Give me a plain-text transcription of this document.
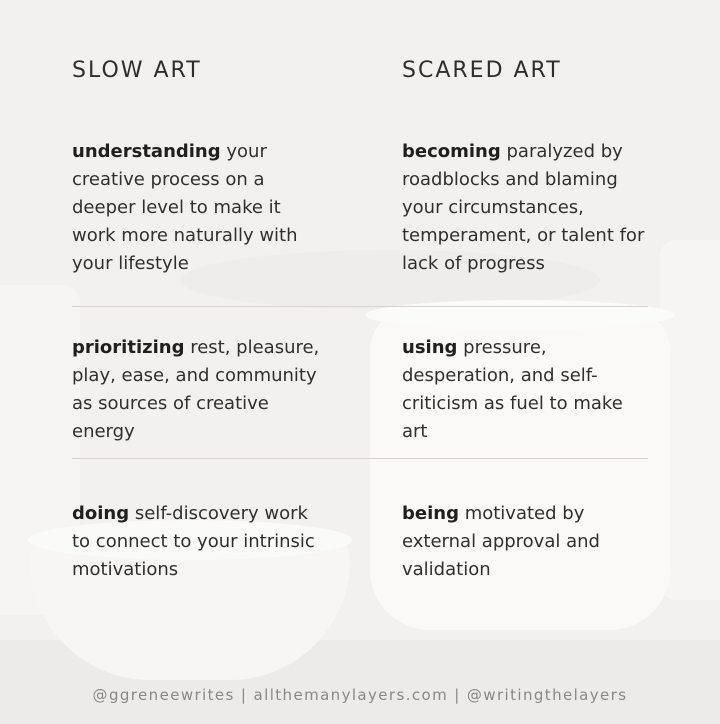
SLOW ART	SCARED ART
understanding your creative process on a deeper level to make it work more naturally with your lifestyle
becoming paralyzed by roadblocks and blaming your circumstances, temperament, or talent for lack of progress
prioritizing rest, pleasure, play, ease, and community as sources of creative energy
using pressure, desperation, and self-criticism as fuel to make art
doing self-discovery work to connect to your intrinsic motivations
being motivated by external approval and validation
@ggreneewrites | allthemanylayers.com | @writingthelayers
